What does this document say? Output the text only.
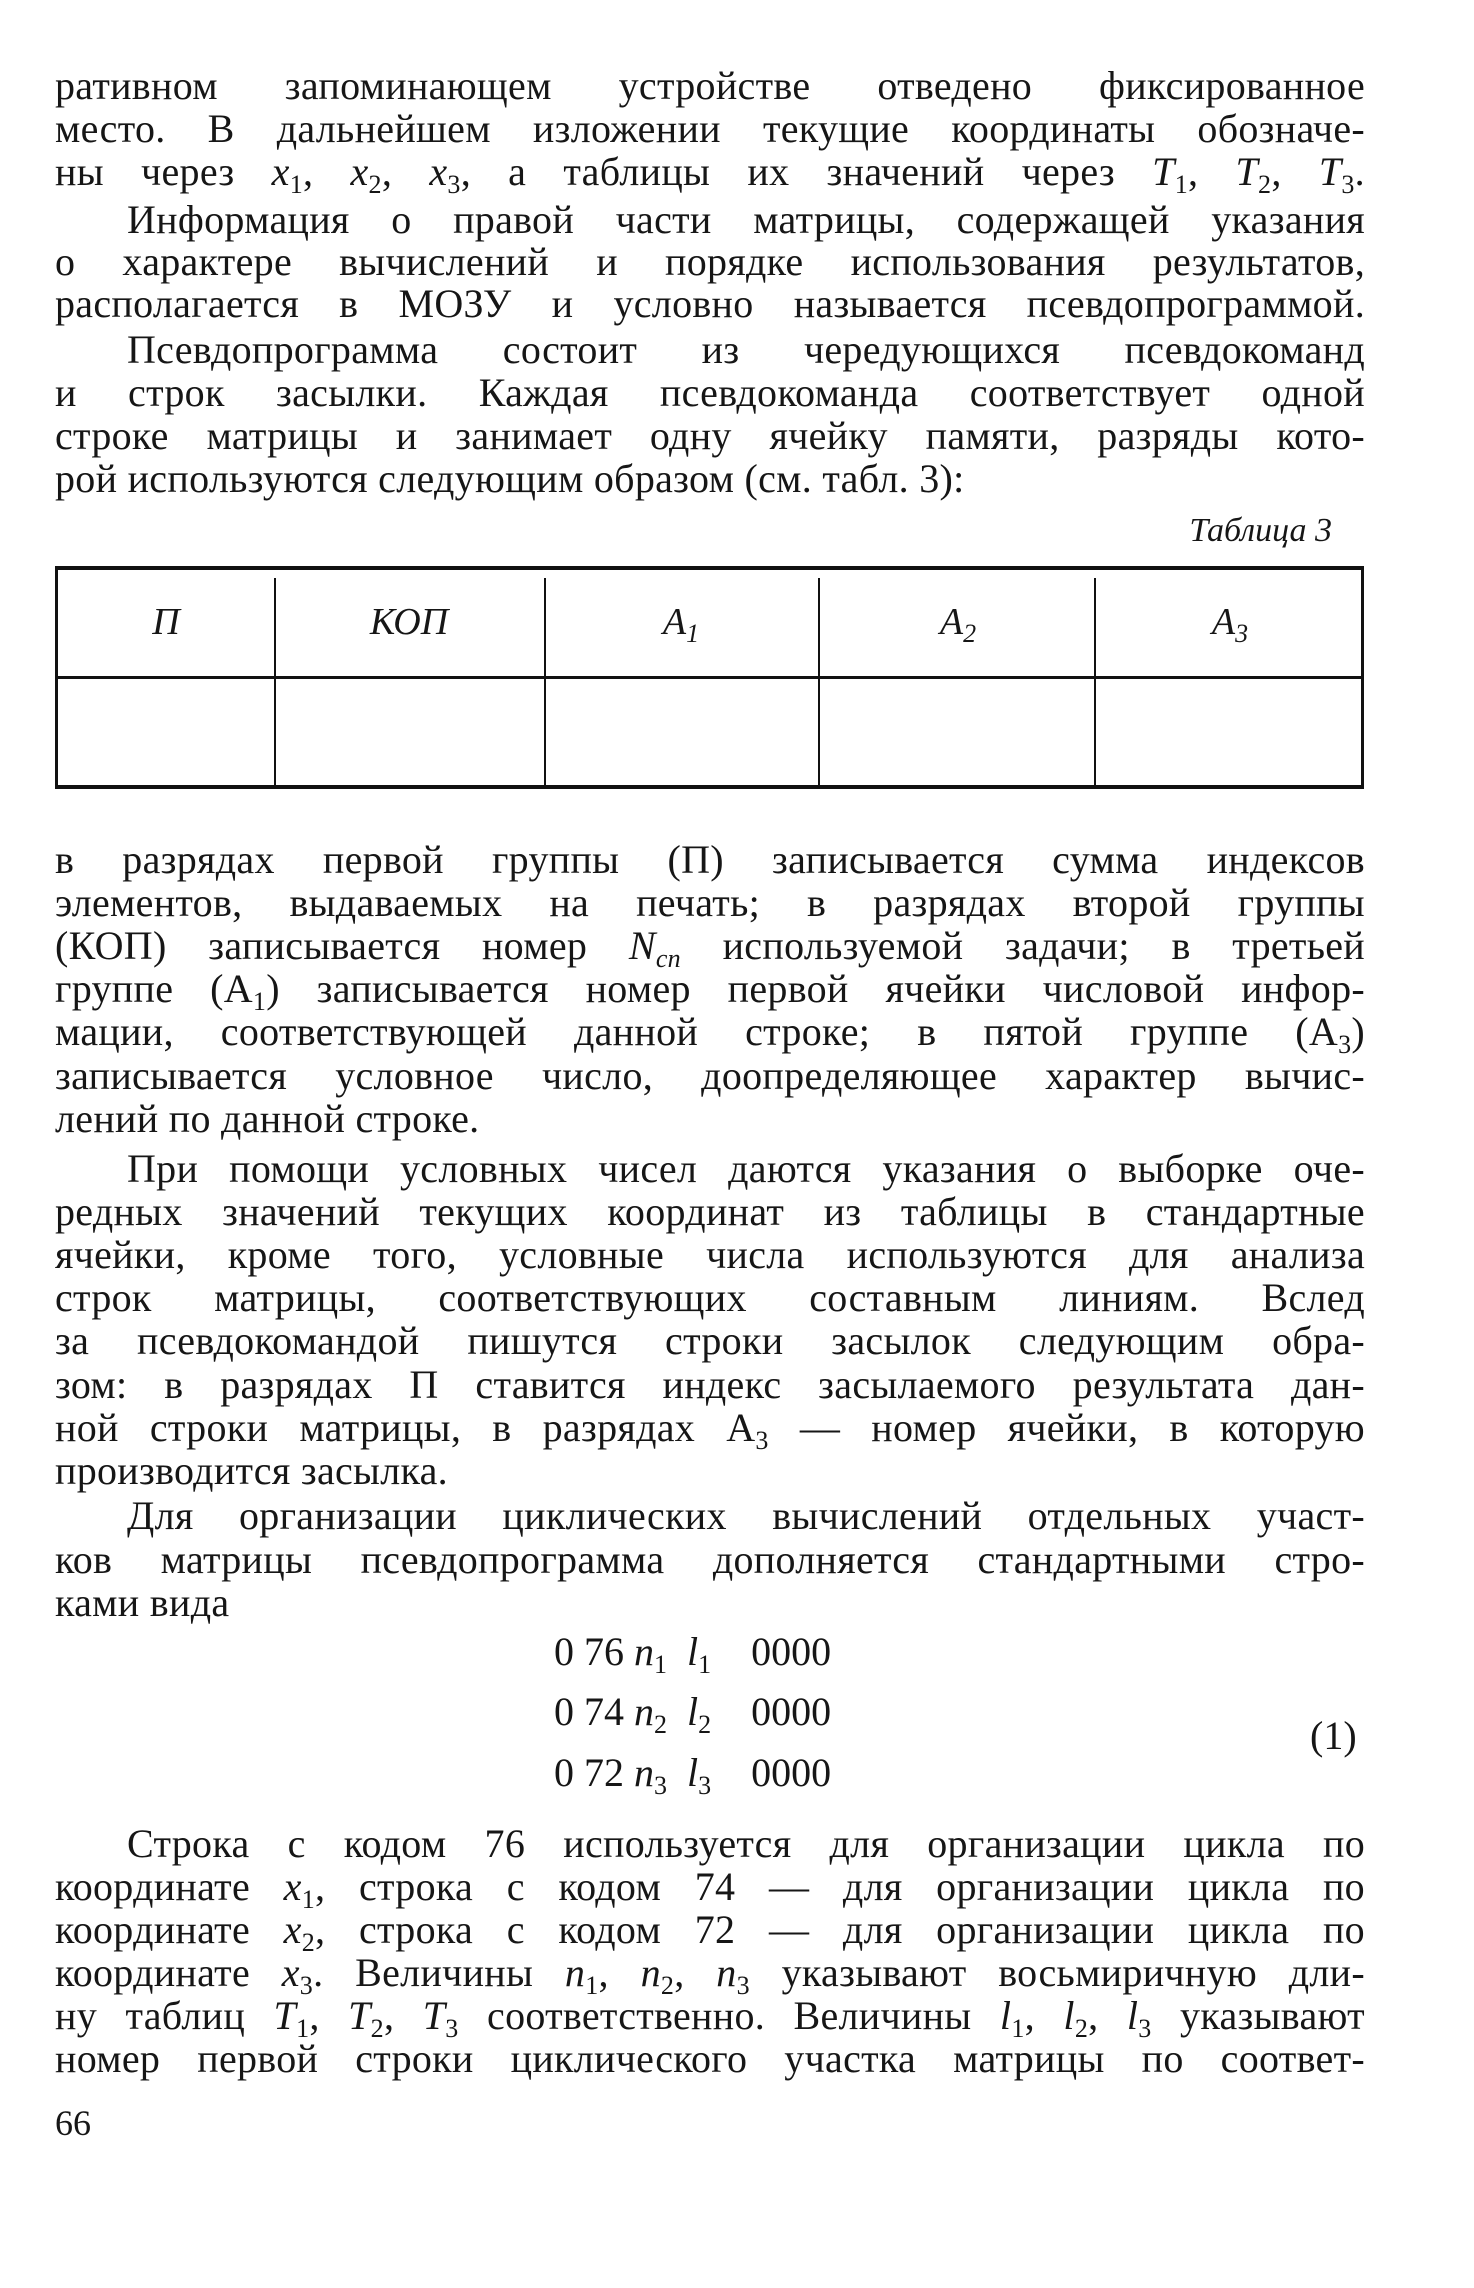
ративном запоминающем устройстве отведено фиксированное
место. В дальнейшем изложении текущие координаты обозначе-
ны через $x_1$, $x_2$, $x_3$, а таблицы их значений через $T_1$, $T_2$, $T_3$.
Информация о правой части матрицы, содержащей указания
о характере вычислений и порядке использования результатов,
располагается в МОЗУ и условно называется псевдопрограммой.
Псевдопрограмма состоит из чередующихся псевдокоманд
и строк засылки. Каждая псевдокоманда соответствует одной
строке матрицы и занимает одну ячейку памяти, разряды кото-
рой используются следующим образом (см. табл. 3):
в разрядах первой группы (П) записывается сумма индексов
элементов, выдаваемых на печать; в разрядах второй группы
(КОП) записывается номер $N_{сп}$ используемой задачи; в третьей
группе $(А_1)$ записывается номер первой ячейки числовой инфор-
мации, соответствующей данной строке; в пятой группе $(А_3)$
записывается условное число, доопределяющее характер вычис-
лений по данной строке.
При помощи условных чисел даются указания о выборке оче-
редных значений текущих координат из таблицы в стандартные
ячейки, кроме того, условные числа используются для анализа
строк матрицы, соответствующих составным линиям. Вслед
за псевдокомандой пишутся строки засылок следующим обра-
зом: в разрядах П ставится индекс засылаемого результата дан-
ной строки матрицы, в разрядах $А_3$ — номер ячейки, в которую
производится засылка.
Для организации циклических вычислений отдельных участ-
ков матрицы псевдопрограмма дополняется стандартными стро-
ками вида
Строка с кодом 76 используется для организации цикла по
координате $x_1$, строка с кодом 74 — для организации цикла по
координате $x_2$, строка с кодом 72 — для организации цикла по
координате $x_3$. Величины $n_1$, $n_2$, $n_3$ указывают восьмиричную дли-
ну таблиц $T_1$, $T_2$, $T_3$ соответственно. Величины $l_1$, $l_2$, $l_3$ указывают
номер первой строки циклического участка матрицы по соответ-
Таблица 3
П	КОП	$A_1$	$A_2$	$A_3$
0 76 $n_1$  $l_1$ 0000
0 74 $n_2$  $l_2$ 0000
0 72 $n_3$  $l_3$ 0000
(1)
66
